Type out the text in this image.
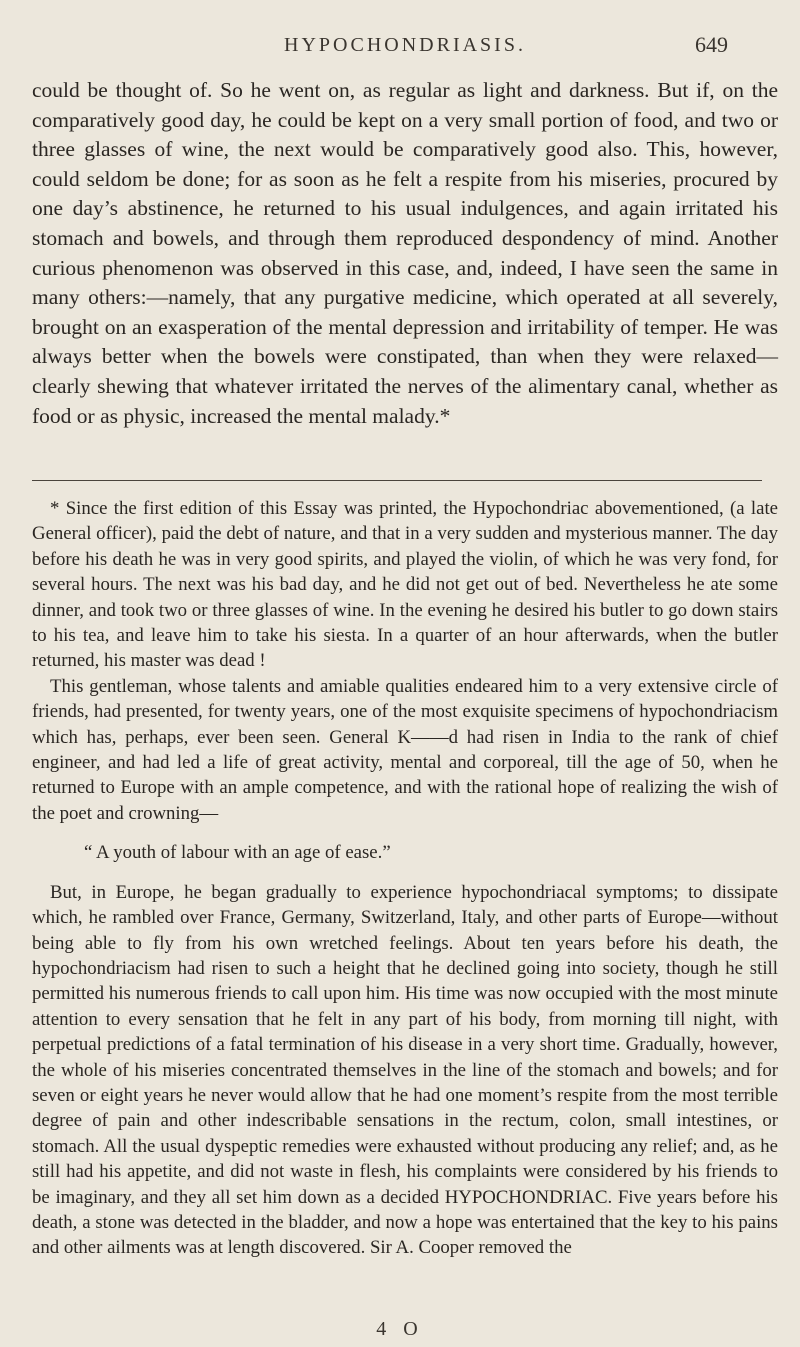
HYPOCHONDRIASIS.	649

could be thought of. So he went on, as regular as light and darkness. But if, on the comparatively good day, he could be kept on a very small portion of food, and two or three glasses of wine, the next would be comparatively good also. This, however, could seldom be done; for as soon as he felt a respite from his miseries, procured by one day’s abstinence, he returned to his usual indulgences, and again irritated his stomach and bowels, and through them reproduced despondency of mind. Another curious phenomenon was observed in this case, and, indeed, I have seen the same in many others:—namely, that any purgative medicine, which operated at all severely, brought on an exasperation of the mental depression and irritability of temper. He was always better when the bowels were constipated, than when they were relaxed—clearly shewing that whatever irritated the nerves of the alimentary canal, whether as food or as physic, increased the mental malady.*

* Since the first edition of this Essay was printed, the Hypochondriac abovementioned, (a late General officer), paid the debt of nature, and that in a very sudden and mysterious manner. The day before his death he was in very good spirits, and played the violin, of which he was very fond, for several hours. The next was his bad day, and he did not get out of bed. Nevertheless he ate some dinner, and took two or three glasses of wine. In the evening he desired his butler to go down stairs to his tea, and leave him to take his siesta. In a quarter of an hour afterwards, when the butler returned, his master was dead !

This gentleman, whose talents and amiable qualities endeared him to a very extensive circle of friends, had presented, for twenty years, one of the most exquisite specimens of hypochondriacism which has, perhaps, ever been seen. General K——d had risen in India to the rank of chief engineer, and had led a life of great activity, mental and corporeal, till the age of 50, when he returned to Europe with an ample competence, and with the rational hope of realizing the wish of the poet and crowning—

“ A youth of labour with an age of ease.”

But, in Europe, he began gradually to experience hypochondriacal symptoms; to dissipate which, he rambled over France, Germany, Switzerland, Italy, and other parts of Europe—without being able to fly from his own wretched feelings. About ten years before his death, the hypochondriacism had risen to such a height that he declined going into society, though he still permitted his numerous friends to call upon him. His time was now occupied with the most minute attention to every sensation that he felt in any part of his body, from morning till night, with perpetual predictions of a fatal termination of his disease in a very short time. Gradually, however, the whole of his miseries concentrated themselves in the line of the stomach and bowels; and for seven or eight years he never would allow that he had one moment’s respite from the most terrible degree of pain and other indescribable sensations in the rectum, colon, small intestines, or stomach. All the usual dyspeptic remedies were exhausted without producing any relief; and, as he still had his appetite, and did not waste in flesh, his complaints were considered by his friends to be imaginary, and they all set him down as a decided HYPOCHONDRIAC. Five years before his death, a stone was detected in the bladder, and now a hope was entertained that the key to his pains and other ailments was at length discovered. Sir A. Cooper removed the

4 O
